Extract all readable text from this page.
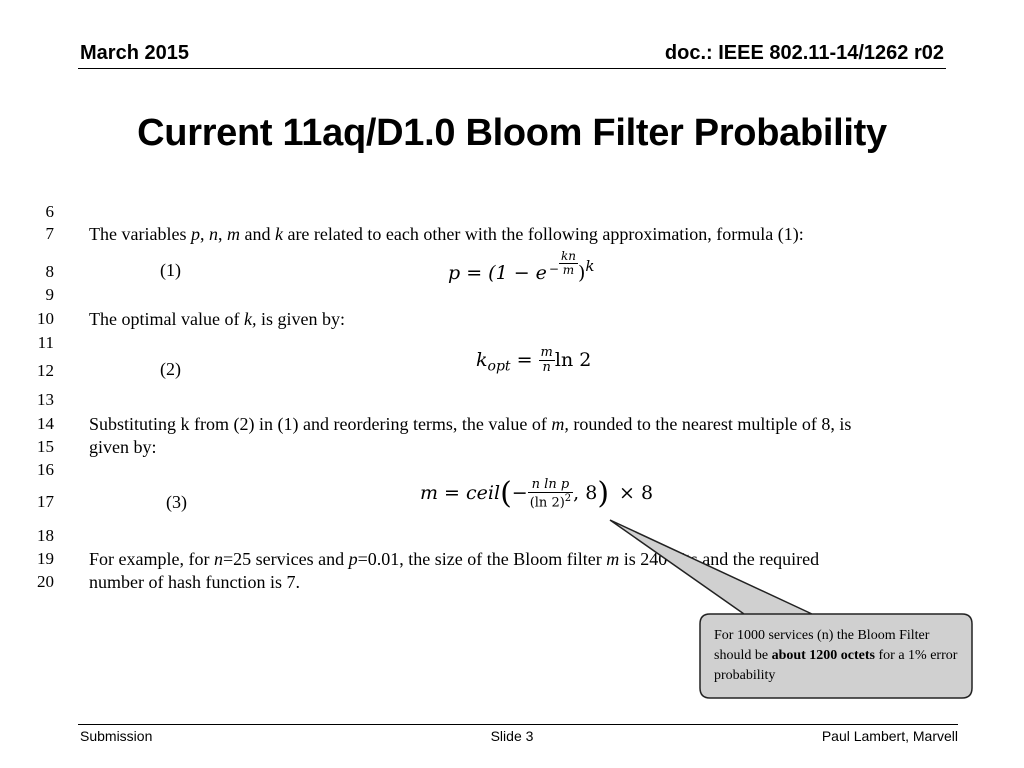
March 2015	doc.: IEEE 802.11-14/1262 r02
Current 11aq/D1.0 Bloom Filter Probability
6
7
8
9
10
11
12
13
14
15
16
17
18
19
20
The variables p, n, m and k are related to each other with the following approximation, formula (1):
(1)	$p = (1 - e - \frac{kn}{m} )^k$
The optimal value of k, is given by:
(2)	$k_{opt} = \frac{m}{n}$ ln 2
Substituting k from (2) in (1) and reordering terms, the value of m, rounded to the nearest multiple of 8, is
given by:
(3)	m = ceil(− $\frac{\text{n ln p}}{(\ln 2)^2}$ , 8) × 8
For example, for n=25 services and p=0.01, the size of the Bloom filter m is 240 bits and the required
number of hash function is 7.
For 1000 services (n) the Bloom Filter should be about 1200 octets for a 1% error probability
Submission	Slide 3	Paul Lambert, Marvell
